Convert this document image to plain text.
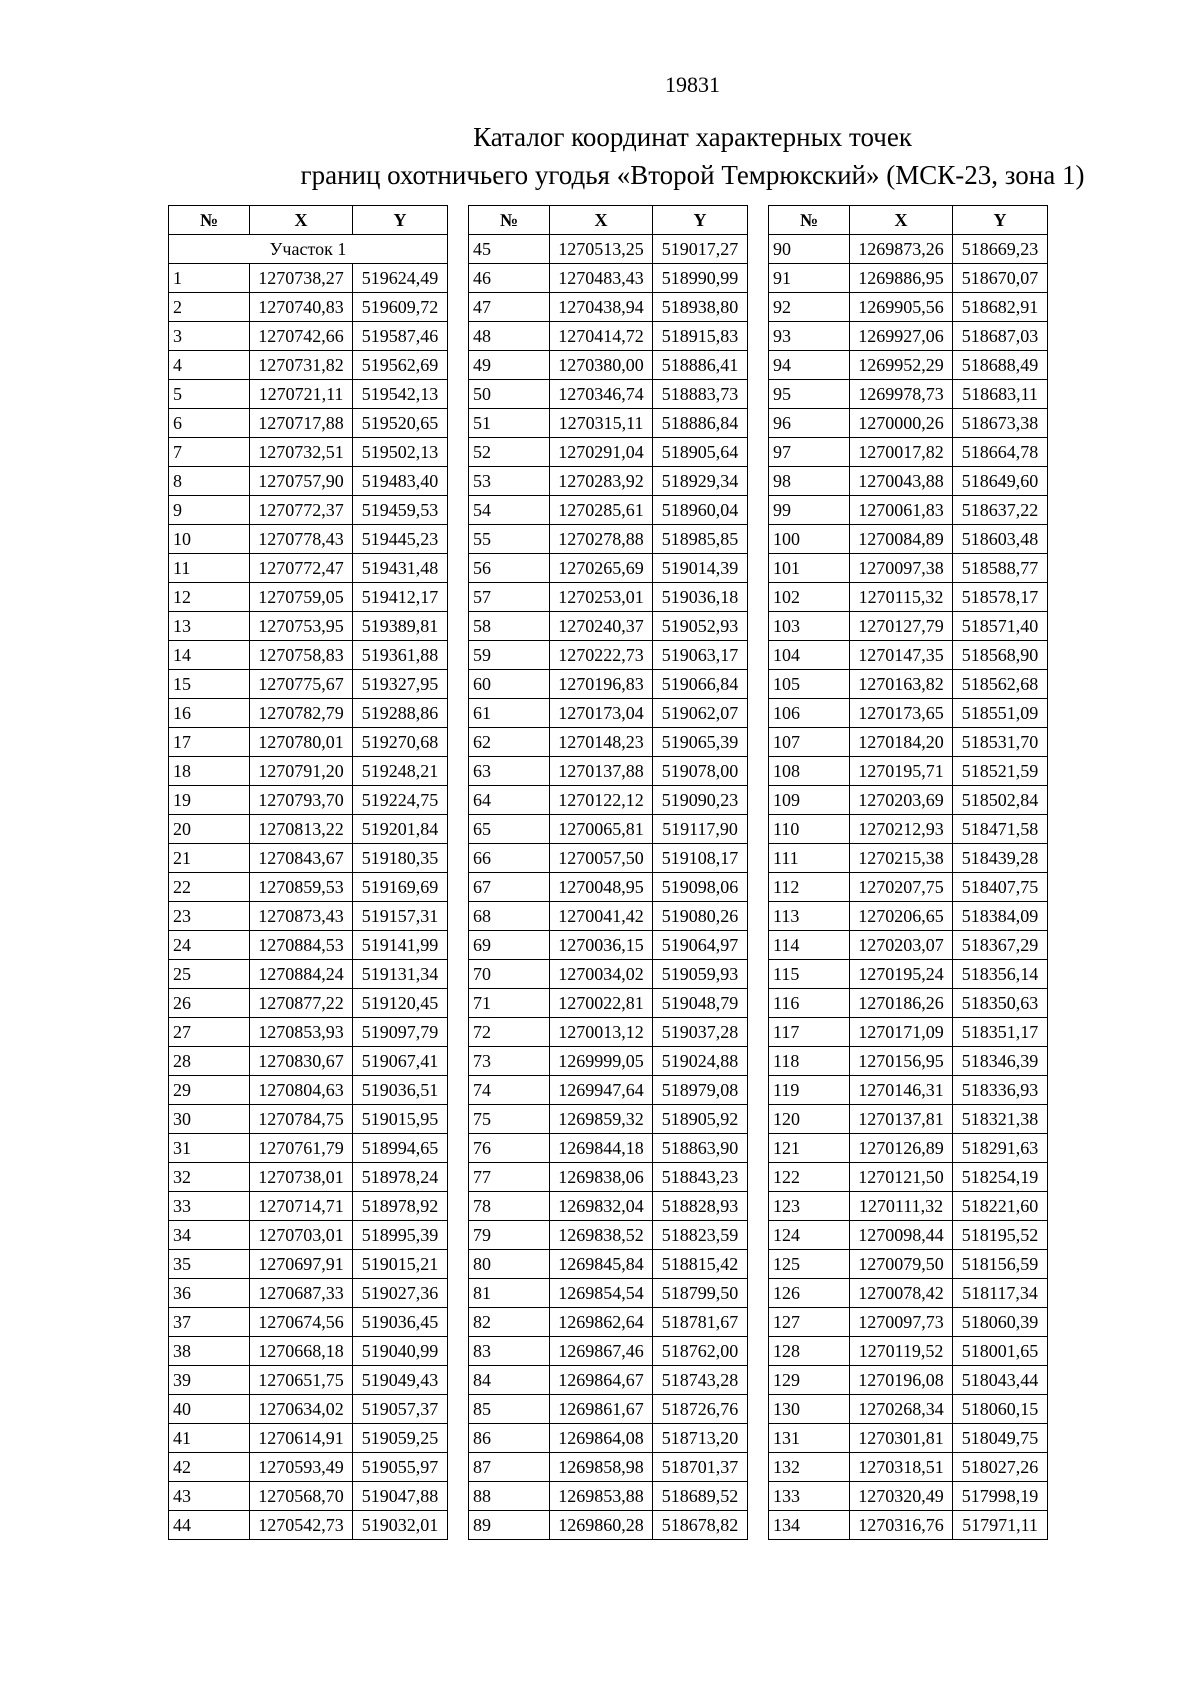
19831
Каталог координат характерных точек
границ охотничьего угодья «Второй Темрюкский» (МСК-23, зона 1)
№	X	Y
Участок 1		
1	1270738,27	519624,49
2	1270740,83	519609,72
3	1270742,66	519587,46
4	1270731,82	519562,69
5	1270721,11	519542,13
6	1270717,88	519520,65
7	1270732,51	519502,13
8	1270757,90	519483,40
9	1270772,37	519459,53
10	1270778,43	519445,23
11	1270772,47	519431,48
12	1270759,05	519412,17
13	1270753,95	519389,81
14	1270758,83	519361,88
15	1270775,67	519327,95
16	1270782,79	519288,86
17	1270780,01	519270,68
18	1270791,20	519248,21
19	1270793,70	519224,75
20	1270813,22	519201,84
21	1270843,67	519180,35
22	1270859,53	519169,69
23	1270873,43	519157,31
24	1270884,53	519141,99
25	1270884,24	519131,34
26	1270877,22	519120,45
27	1270853,93	519097,79
28	1270830,67	519067,41
29	1270804,63	519036,51
30	1270784,75	519015,95
31	1270761,79	518994,65
32	1270738,01	518978,24
33	1270714,71	518978,92
34	1270703,01	518995,39
35	1270697,91	519015,21
36	1270687,33	519027,36
37	1270674,56	519036,45
38	1270668,18	519040,99
39	1270651,75	519049,43
40	1270634,02	519057,37
41	1270614,91	519059,25
42	1270593,49	519055,97
43	1270568,70	519047,88
44	1270542,73	519032,01
№	X	Y
45	1270513,25	519017,27
46	1270483,43	518990,99
47	1270438,94	518938,80
48	1270414,72	518915,83
49	1270380,00	518886,41
50	1270346,74	518883,73
51	1270315,11	518886,84
52	1270291,04	518905,64
53	1270283,92	518929,34
54	1270285,61	518960,04
55	1270278,88	518985,85
56	1270265,69	519014,39
57	1270253,01	519036,18
58	1270240,37	519052,93
59	1270222,73	519063,17
60	1270196,83	519066,84
61	1270173,04	519062,07
62	1270148,23	519065,39
63	1270137,88	519078,00
64	1270122,12	519090,23
65	1270065,81	519117,90
66	1270057,50	519108,17
67	1270048,95	519098,06
68	1270041,42	519080,26
69	1270036,15	519064,97
70	1270034,02	519059,93
71	1270022,81	519048,79
72	1270013,12	519037,28
73	1269999,05	519024,88
74	1269947,64	518979,08
75	1269859,32	518905,92
76	1269844,18	518863,90
77	1269838,06	518843,23
78	1269832,04	518828,93
79	1269838,52	518823,59
80	1269845,84	518815,42
81	1269854,54	518799,50
82	1269862,64	518781,67
83	1269867,46	518762,00
84	1269864,67	518743,28
85	1269861,67	518726,76
86	1269864,08	518713,20
87	1269858,98	518701,37
88	1269853,88	518689,52
89	1269860,28	518678,82
№	X	Y
90	1269873,26	518669,23
91	1269886,95	518670,07
92	1269905,56	518682,91
93	1269927,06	518687,03
94	1269952,29	518688,49
95	1269978,73	518683,11
96	1270000,26	518673,38
97	1270017,82	518664,78
98	1270043,88	518649,60
99	1270061,83	518637,22
100	1270084,89	518603,48
101	1270097,38	518588,77
102	1270115,32	518578,17
103	1270127,79	518571,40
104	1270147,35	518568,90
105	1270163,82	518562,68
106	1270173,65	518551,09
107	1270184,20	518531,70
108	1270195,71	518521,59
109	1270203,69	518502,84
110	1270212,93	518471,58
111	1270215,38	518439,28
112	1270207,75	518407,75
113	1270206,65	518384,09
114	1270203,07	518367,29
115	1270195,24	518356,14
116	1270186,26	518350,63
117	1270171,09	518351,17
118	1270156,95	518346,39
119	1270146,31	518336,93
120	1270137,81	518321,38
121	1270126,89	518291,63
122	1270121,50	518254,19
123	1270111,32	518221,60
124	1270098,44	518195,52
125	1270079,50	518156,59
126	1270078,42	518117,34
127	1270097,73	518060,39
128	1270119,52	518001,65
129	1270196,08	518043,44
130	1270268,34	518060,15
131	1270301,81	518049,75
132	1270318,51	518027,26
133	1270320,49	517998,19
134	1270316,76	517971,11
